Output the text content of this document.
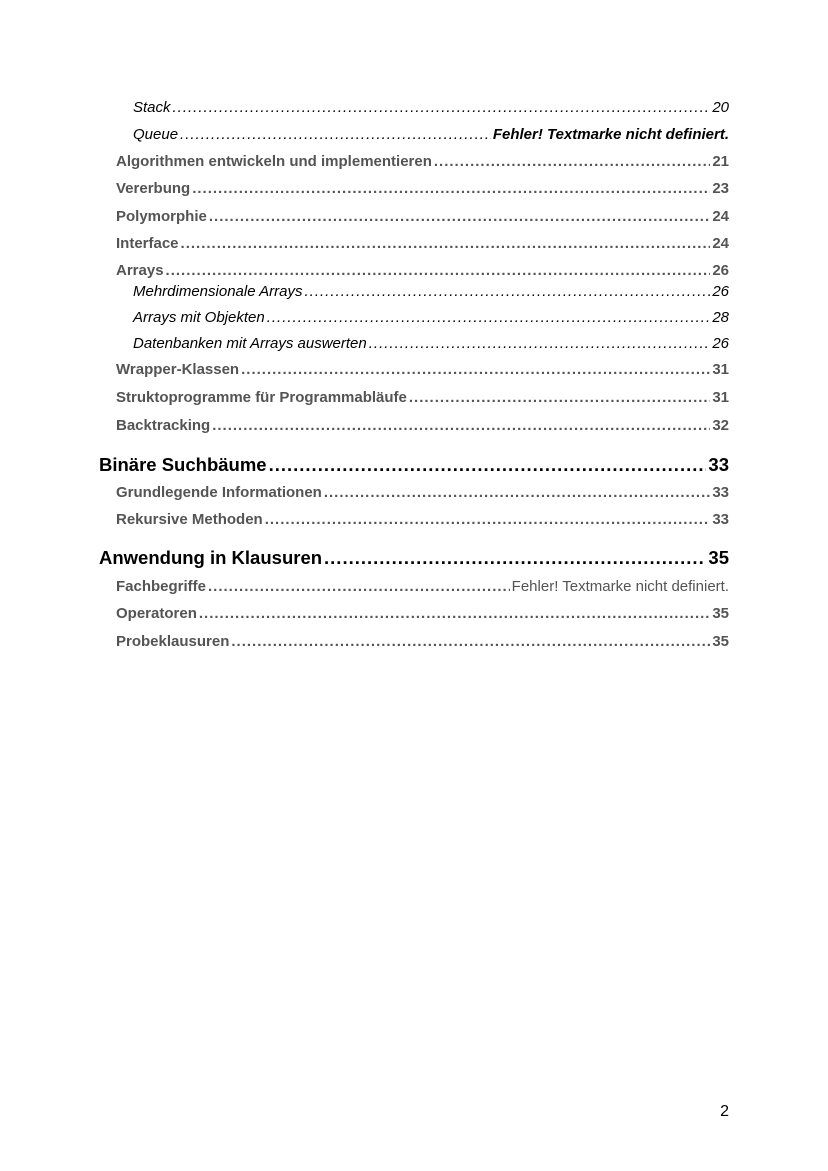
Stack .....	20
Queue .....	Fehler! Textmarke nicht definiert.
Algorithmen entwickeln und implementieren .....	21
Vererbung .....	23
Polymorphie .....	24
Interface .....	24
Arrays .....	26
Mehrdimensionale Arrays .....	26
Arrays mit Objekten .....	28
Datenbanken mit Arrays auswerten .....	26
Wrapper-Klassen .....	31
Struktoprogramme für Programmabläufe .....	31
Backtracking .....	32
Binäre Suchbäume .....	33
Grundlegende Informationen .....	33
Rekursive Methoden .....	33
Anwendung in Klausuren .....	35
Fachbegriffe .....	Fehler! Textmarke nicht definiert.
Operatoren .....	35
Probeklausuren .....	35
2
